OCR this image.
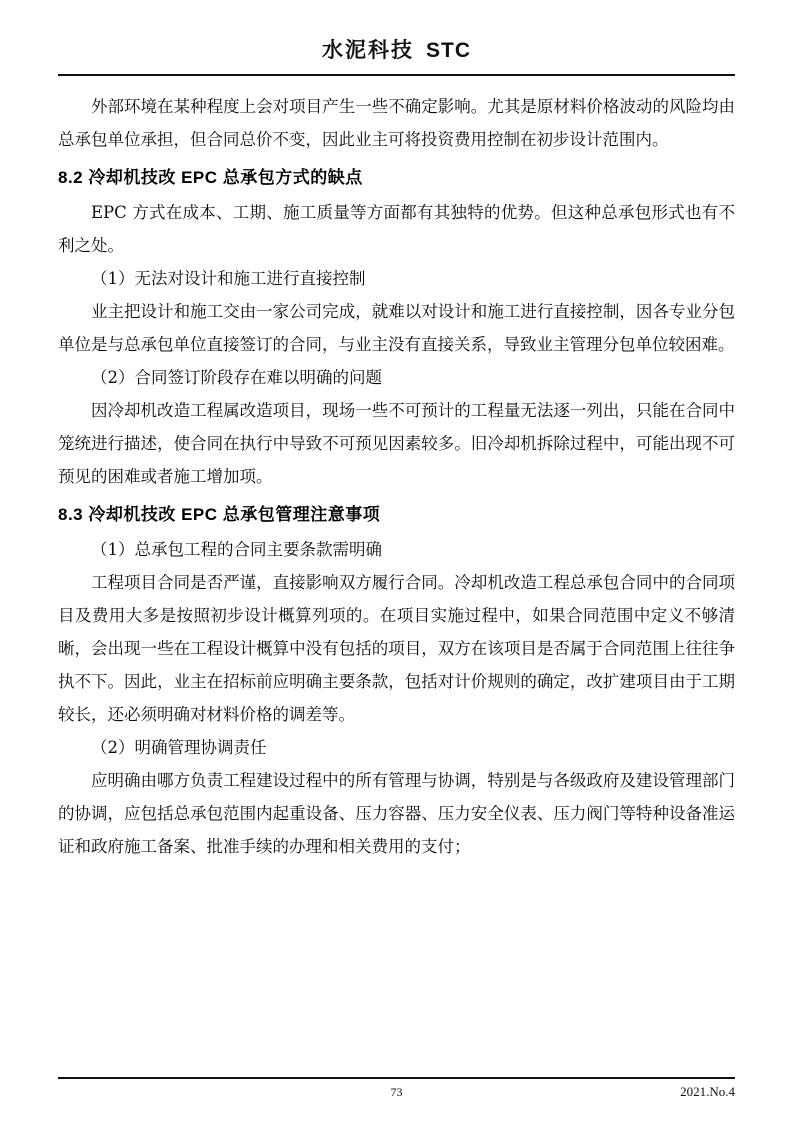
水泥科技 STC

外部环境在某种程度上会对项目产生一些不确定影响。尤其是原材料价格波动的风险均由总承包单位承担，但合同总价不变，因此业主可将投资费用控制在初步设计范围内。

8.2 冷却机技改 EPC 总承包方式的缺点

EPC 方式在成本、工期、施工质量等方面都有其独特的优势。但这种总承包形式也有不利之处。

（1）无法对设计和施工进行直接控制

业主把设计和施工交由一家公司完成，就难以对设计和施工进行直接控制，因各专业分包单位是与总承包单位直接签订的合同，与业主没有直接关系，导致业主管理分包单位较困难。

（2）合同签订阶段存在难以明确的问题

因冷却机改造工程属改造项目，现场一些不可预计的工程量无法逐一列出，只能在合同中笼统进行描述，使合同在执行中导致不可预见因素较多。旧冷却机拆除过程中，可能出现不可预见的困难或者施工增加项。

8.3 冷却机技改 EPC 总承包管理注意事项

（1）总承包工程的合同主要条款需明确

工程项目合同是否严谨，直接影响双方履行合同。冷却机改造工程总承包合同中的合同项目及费用大多是按照初步设计概算列项的。在项目实施过程中，如果合同范围中定义不够清晰，会出现一些在工程设计概算中没有包括的项目，双方在该项目是否属于合同范围上往往争执不下。因此，业主在招标前应明确主要条款，包括对计价规则的确定，改扩建项目由于工期较长，还必须明确对材料价格的调差等。

（2）明确管理协调责任

应明确由哪方负责工程建设过程中的所有管理与协调，特别是与各级政府及建设管理部门的协调，应包括总承包范围内起重设备、压力容器、压力安全仪表、压力阀门等特种设备准运证和政府施工备案、批准手续的办理和相关费用的支付；

73	2021.No.4
